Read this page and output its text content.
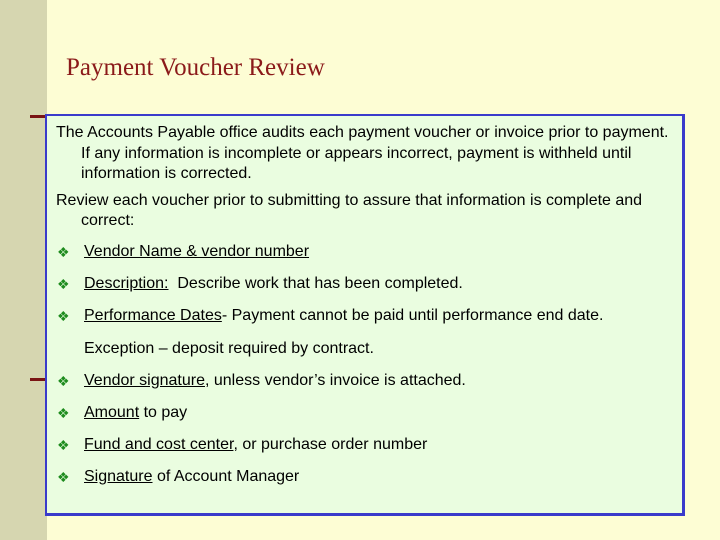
Payment Voucher Review

The Accounts Payable office audits each payment voucher or invoice prior to payment. If any information is incomplete or appears incorrect, payment is withheld until information is corrected.

Review each voucher prior to submitting to assure that information is complete and correct:

❖ Vendor Name & vendor number
❖ Description:  Describe work that has been completed.
❖ Performance Dates- Payment cannot be paid until performance end date.
Exception – deposit required by contract.
❖ Vendor signature, unless vendor’s invoice is attached.
❖ Amount to pay
❖ Fund and cost center, or purchase order number
❖ Signature of Account Manager
